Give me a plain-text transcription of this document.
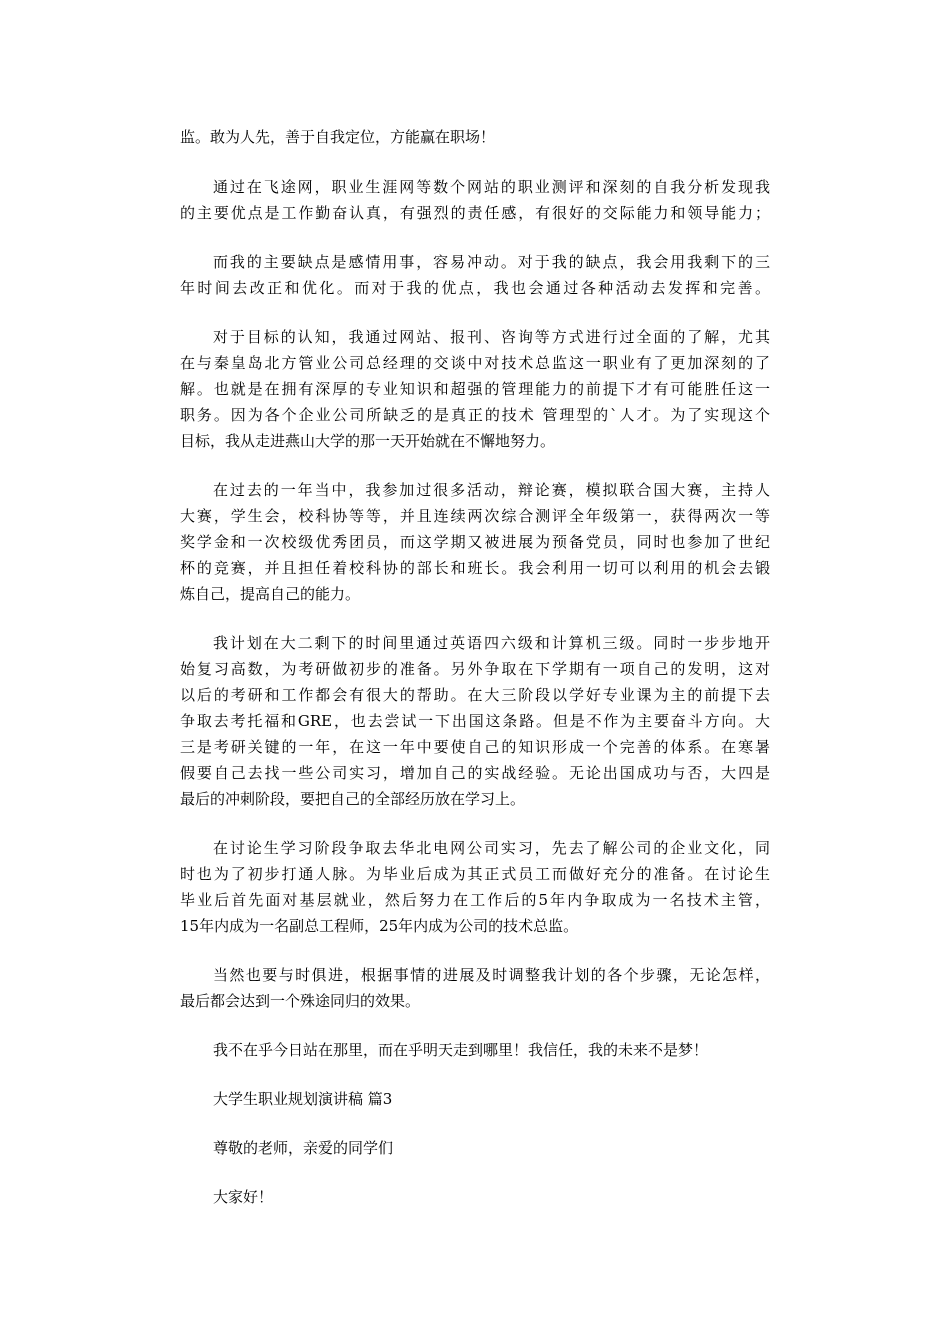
监。敢为人先，善于自我定位，方能赢在职场！
通过在飞途网，职业生涯网等数个网站的职业测评和深刻的自我分析发现我
的主要优点是工作勤奋认真，有强烈的责任感，有很好的交际能力和领导能力；
而我的主要缺点是感情用事，容易冲动。对于我的缺点，我会用我剩下的三
年时间去改正和优化。而对于我的优点，我也会通过各种活动去发挥和完善。
对于目标的认知，我通过网站、报刊、咨询等方式进行过全面的了解，尤其
在与秦皇岛北方管业公司总经理的交谈中对技术总监这一职业有了更加深刻的了
解。也就是在拥有深厚的专业知识和超强的管理能力的前提下才有可能胜任这一
职务。因为各个企业公司所缺乏的是真正的技术 管理型的`人才。为了实现这个
目标，我从走进燕山大学的那一天开始就在不懈地努力。
在过去的一年当中，我参加过很多活动，辩论赛，模拟联合国大赛，主持人
大赛，学生会，校科协等等，并且连续两次综合测评全年级第一，获得两次一等
奖学金和一次校级优秀团员，而这学期又被进展为预备党员，同时也参加了世纪
杯的竞赛，并且担任着校科协的部长和班长。我会利用一切可以利用的机会去锻
炼自己，提高自己的能力。
我计划在大二剩下的时间里通过英语四六级和计算机三级。同时一步步地开
始复习高数，为考研做初步的准备。另外争取在下学期有一项自己的发明，这对
以后的考研和工作都会有很大的帮助。在大三阶段以学好专业课为主的前提下去
争取去考托福和GRE，也去尝试一下出国这条路。但是不作为主要奋斗方向。大
三是考研关键的一年，在这一年中要使自己的知识形成一个完善的体系。在寒暑
假要自己去找一些公司实习，增加自己的实战经验。无论出国成功与否，大四是
最后的冲刺阶段，要把自己的全部经历放在学习上。
在讨论生学习阶段争取去华北电网公司实习，先去了解公司的企业文化，同
时也为了初步打通人脉。为毕业后成为其正式员工而做好充分的准备。在讨论生
毕业后首先面对基层就业，然后努力在工作后的5年内争取成为一名技术主管，
15年内成为一名副总工程师，25年内成为公司的技术总监。
当然也要与时俱进，根据事情的进展及时调整我计划的各个步骤，无论怎样，
最后都会达到一个殊途同归的效果。
我不在乎今日站在那里，而在乎明天走到哪里！我信任，我的未来不是梦！
大学生职业规划演讲稿 篇3
尊敬的老师，亲爱的同学们
大家好！
